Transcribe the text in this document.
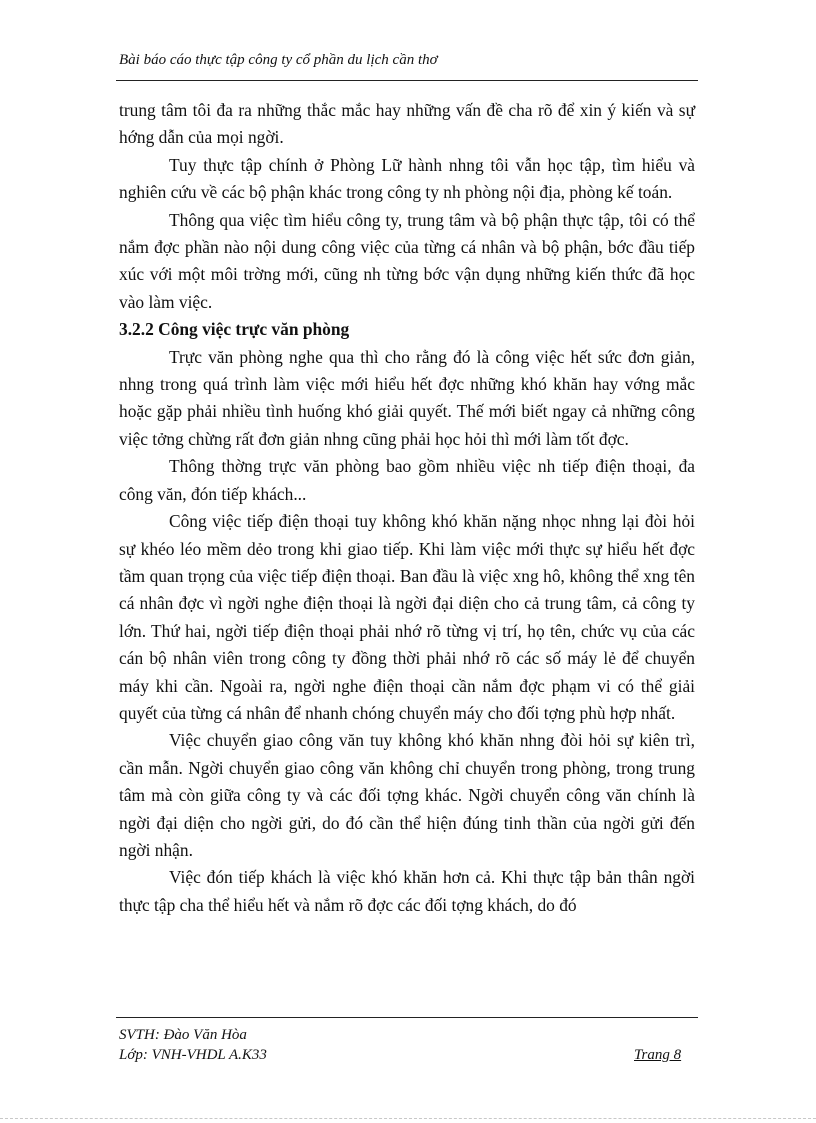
Bài báo cáo thực tập công ty cổ phần du lịch cần thơ

trung tâm tôi đa ra những thắc mắc hay những vấn đề cha rõ để xin ý kiến và sự hớng dẫn của mọi ngời.

Tuy thực tập chính ở Phòng Lữ hành nhng tôi vẫn học tập, tìm hiểu và nghiên cứu về các bộ phận khác trong công ty nh phòng nội địa, phòng kế toán.

Thông qua việc tìm hiểu công ty, trung tâm và bộ phận thực tập, tôi có thể nắm đợc phần nào nội dung công việc của từng cá nhân và bộ phận, bớc đầu tiếp xúc với một môi trờng mới, cũng nh từng bớc vận dụng những kiến thức đã học vào làm việc.

3.2.2 Công việc trực văn phòng

Trực văn phòng nghe qua thì cho rằng đó là công việc hết sức đơn giản, nhng trong quá trình làm việc mới hiểu hết đợc những khó khăn hay vớng mắc hoặc gặp phải nhiều tình huống khó giải quyết. Thế mới biết ngay cả những công việc tởng chừng rất đơn giản nhng cũng phải học hỏi thì mới làm tốt đợc.

Thông thờng trực văn phòng bao gồm nhiều việc nh tiếp điện thoại, đa công văn, đón tiếp khách...

Công việc tiếp điện thoại tuy không khó khăn nặng nhọc nhng lại đòi hỏi sự khéo léo mềm dẻo trong khi giao tiếp. Khi làm việc mới thực sự hiểu hết đợc tầm quan trọng của việc tiếp điện thoại. Ban đầu là việc xng hô, không thể xng tên cá nhân đợc vì ngời nghe điện thoại là ngời đại diện cho cả trung tâm, cả công ty lớn. Thứ hai, ngời tiếp điện thoại phải nhớ rõ từng vị trí, họ tên, chức vụ của các cán bộ nhân viên trong công ty đồng thời phải nhớ rõ các số máy lẻ để chuyển máy khi cần. Ngoài ra, ngời nghe điện thoại cần nắm đợc phạm vi có thể giải quyết của từng cá nhân để nhanh chóng chuyển máy cho đối tợng phù hợp nhất.

Việc chuyển giao công văn tuy không khó khăn nhng đòi hỏi sự kiên trì, cần mẫn. Ngời chuyển giao công văn không chỉ chuyển trong phòng, trong trung tâm mà còn giữa công ty và các đối tợng khác. Ngời chuyển công văn chính là ngời đại diện cho ngời gửi, do đó cần thể hiện đúng tinh thần của ngời gửi đến ngời nhận.

Việc đón tiếp khách là việc khó khăn hơn cả. Khi thực tập bản thân ngời thực tập cha thể hiểu hết và nắm rõ đợc các đối tợng khách, do đó

SVTH: Đào Văn Hòa
Lớp: VNH-VHDL A.K33	Trang 8
